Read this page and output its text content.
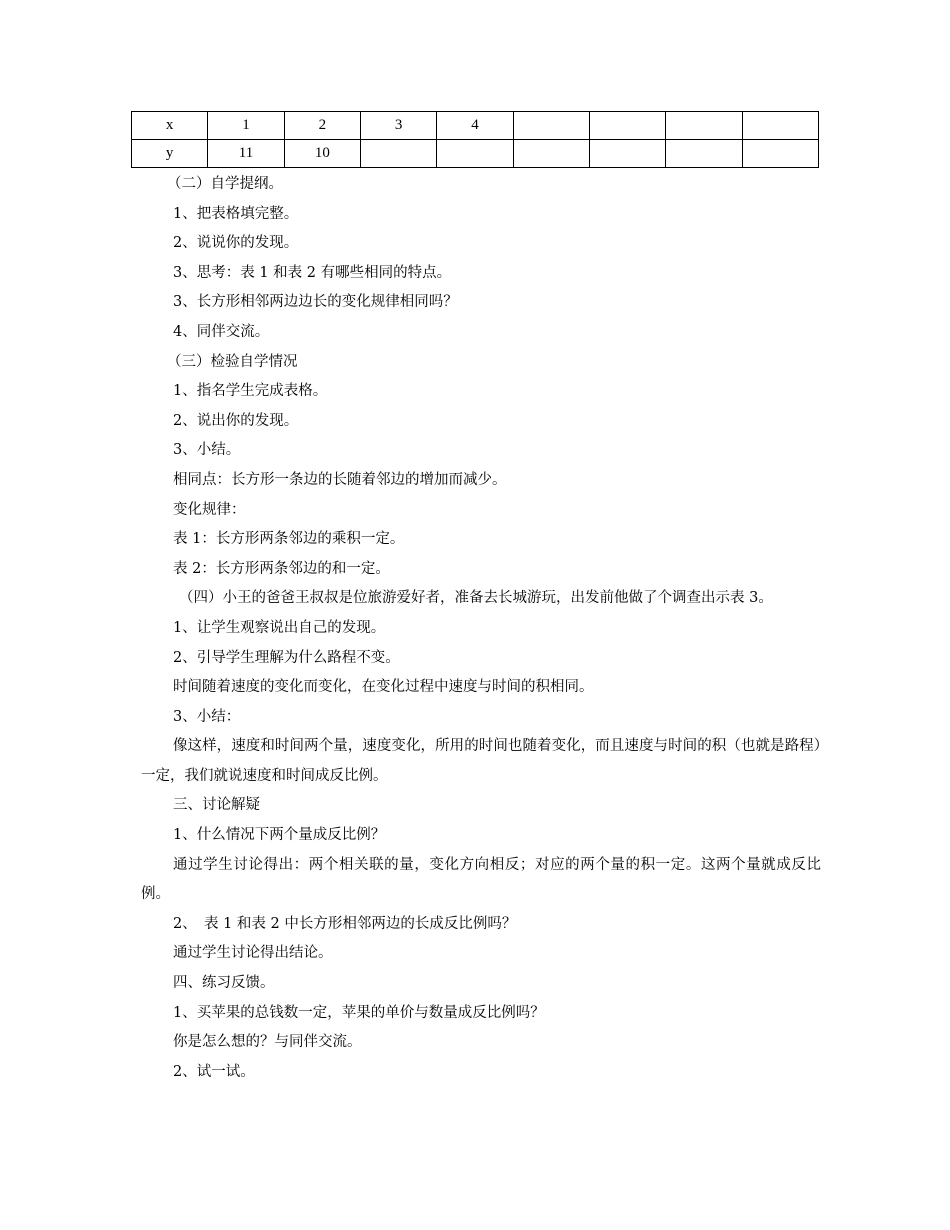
x	1	2	3	4				
y	11	10						
（二）自学提纲。
1、把表格填完整。
2、说说你的发现。
3、思考：表 1 和表 2 有哪些相同的特点。
3、长方形相邻两边边长的变化规律相同吗？
4、同伴交流。
（三）检验自学情况
1、指名学生完成表格。
2、说出你的发现。
3、小结。
相同点：长方形一条边的长随着邻边的增加而减少。
变化规律：
表 1：长方形两条邻边的乘积一定。
表 2：长方形两条邻边的和一定。
（四）小王的爸爸王叔叔是位旅游爱好者，准备去长城游玩，出发前他做了个调查出示表 3。
1、让学生观察说出自己的发现。
2、引导学生理解为什么路程不变。
时间随着速度的变化而变化，在变化过程中速度与时间的积相同。
3、小结：
像这样，速度和时间两个量，速度变化，所用的时间也随着变化，而且速度与时间的积（也就是路程）一定，我们就说速度和时间成反比例。
三、讨论解疑
1、什么情况下两个量成反比例？
通过学生讨论得出：两个相关联的量，变化方向相反；对应的两个量的积一定。这两个量就成反比例。
2、　表 1 和表 2 中长方形相邻两边的长成反比例吗？
通过学生讨论得出结论。
四、练习反馈。
1、买苹果的总钱数一定，苹果的单价与数量成反比例吗？
你是怎么想的？与同伴交流。
2、试一试。
